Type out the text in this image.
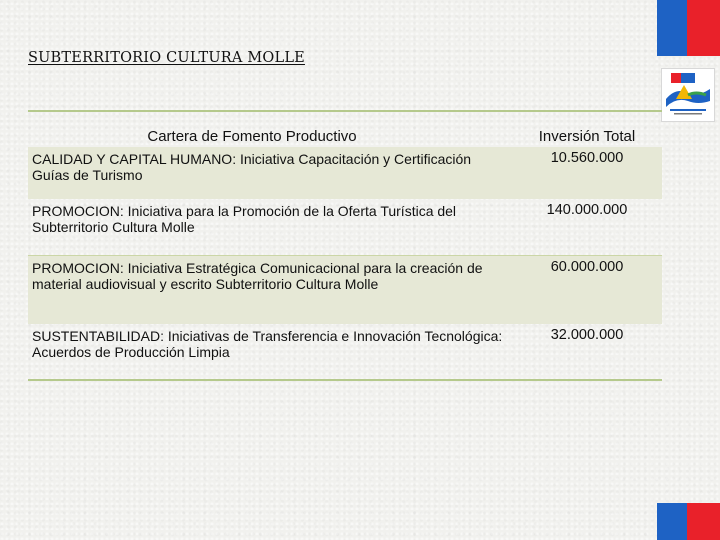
SUBTERRITORIO CULTURA MOLLE
Cartera de Fomento Productivo	Inversión Total
CALIDAD Y CAPITAL HUMANO: Iniciativa Capacitación y Certificación Guías de Turismo	10.560.000
PROMOCION: Iniciativa para la Promoción de la Oferta Turística del Subterritorio Cultura Molle	140.000.000
PROMOCION: Iniciativa Estratégica Comunicacional para la creación de material audiovisual y escrito Subterritorio Cultura Molle	60.000.000
SUSTENTABILIDAD: Iniciativas de Transferencia e Innovación Tecnológica: Acuerdos de Producción Limpia	32.000.000
